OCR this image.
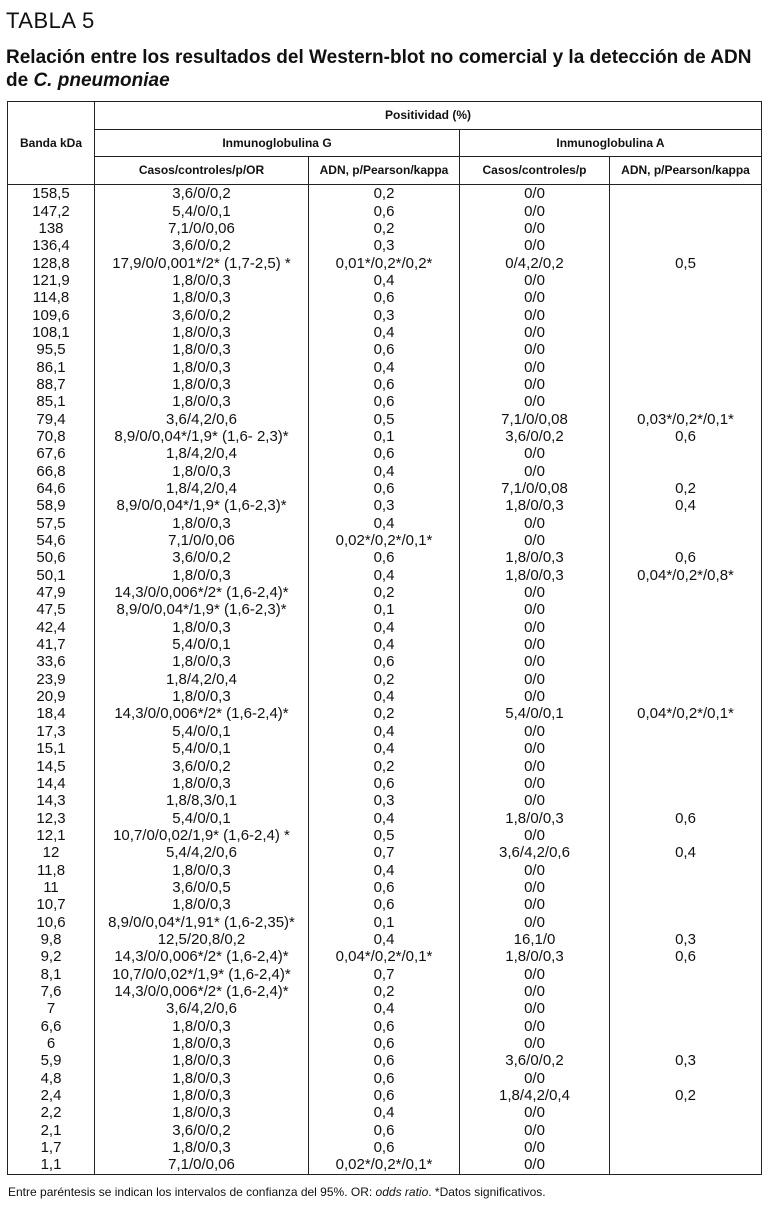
TABLA 5
Relación entre los resultados del Western-blot no comercial y la detección de ADN de C. pneumoniae
Banda kDa	Positividad (%)			
	Inmunoglobulina G		Inmunoglobulina A	
	Casos/controles/p/OR	ADN, p/Pearson/kappa	Casos/controles/p	ADN, p/Pearson/kappa
158,5	3,6/0/0,2	0,2	0/0	
147,2	5,4/0/0,1	0,6	0/0	
138	7,1/0/0,06	0,2	0/0	
136,4	3,6/0/0,2	0,3	0/0	
128,8	17,9/0/0,001*/2* (1,7-2,5) *	0,01*/0,2*/0,2*	0/4,2/0,2	0,5
121,9	1,8/0/0,3	0,4	0/0	
114,8	1,8/0/0,3	0,6	0/0	
109,6	3,6/0/0,2	0,3	0/0	
108,1	1,8/0/0,3	0,4	0/0	
95,5	1,8/0/0,3	0,6	0/0	
86,1	1,8/0/0,3	0,4	0/0	
88,7	1,8/0/0,3	0,6	0/0	
85,1	1,8/0/0,3	0,6	0/0	
79,4	3,6/4,2/0,6	0,5	7,1/0/0,08	0,03*/0,2*/0,1*
70,8	8,9/0/0,04*/1,9* (1,6- 2,3)*	0,1	3,6/0/0,2	0,6
67,6	1,8/4,2/0,4	0,6	0/0	
66,8	1,8/0/0,3	0,4	0/0	
64,6	1,8/4,2/0,4	0,6	7,1/0/0,08	0,2
58,9	8,9/0/0,04*/1,9* (1,6-2,3)*	0,3	1,8/0/0,3	0,4
57,5	1,8/0/0,3	0,4	0/0	
54,6	7,1/0/0,06	0,02*/0,2*/0,1*	0/0	
50,6	3,6/0/0,2	0,6	1,8/0/0,3	0,6
50,1	1,8/0/0,3	0,4	1,8/0/0,3	0,04*/0,2*/0,8*
47,9	14,3/0/0,006*/2* (1,6-2,4)*	0,2	0/0	
47,5	8,9/0/0,04*/1,9* (1,6-2,3)*	0,1	0/0	
42,4	1,8/0/0,3	0,4	0/0	
41,7	5,4/0/0,1	0,4	0/0	
33,6	1,8/0/0,3	0,6	0/0	
23,9	1,8/4,2/0,4	0,2	0/0	
20,9	1,8/0/0,3	0,4	0/0	
18,4	14,3/0/0,006*/2* (1,6-2,4)*	0,2	5,4/0/0,1	0,04*/0,2*/0,1*
17,3	5,4/0/0,1	0,4	0/0	
15,1	5,4/0/0,1	0,4	0/0	
14,5	3,6/0/0,2	0,2	0/0	
14,4	1,8/0/0,3	0,6	0/0	
14,3	1,8/8,3/0,1	0,3	0/0	
12,3	5,4/0/0,1	0,4	1,8/0/0,3	0,6
12,1	10,7/0/0,02/1,9* (1,6-2,4) *	0,5	0/0	
12	5,4/4,2/0,6	0,7	3,6/4,2/0,6	0,4
11,8	1,8/0/0,3	0,4	0/0	
11	3,6/0/0,5	0,6	0/0	
10,7	1,8/0/0,3	0,6	0/0	
10,6	8,9/0/0,04*/1,91* (1,6-2,35)*	0,1	0/0	
9,8	12,5/20,8/0,2	0,4	16,1/0	0,3
9,2	14,3/0/0,006*/2* (1,6-2,4)*	0,04*/0,2*/0,1*	1,8/0/0,3	0,6
8,1	10,7/0/0,02*/1,9* (1,6-2,4)*	0,7	0/0	
7,6	14,3/0/0,006*/2* (1,6-2,4)*	0,2	0/0	
7	3,6/4,2/0,6	0,4	0/0	
6,6	1,8/0/0,3	0,6	0/0	
6	1,8/0/0,3	0,6	0/0	
5,9	1,8/0/0,3	0,6	3,6/0/0,2	0,3
4,8	1,8/0/0,3	0,6	0/0	
2,4	1,8/0/0,3	0,6	1,8/4,2/0,4	0,2
2,2	1,8/0/0,3	0,4	0/0	
2,1	3,6/0/0,2	0,6	0/0	
1,7	1,8/0/0,3	0,6	0/0	
1,1	7,1/0/0,06	0,02*/0,2*/0,1*	0/0	
Entre paréntesis se indican los intervalos de confianza del 95%. OR: odds ratio. *Datos significativos.
